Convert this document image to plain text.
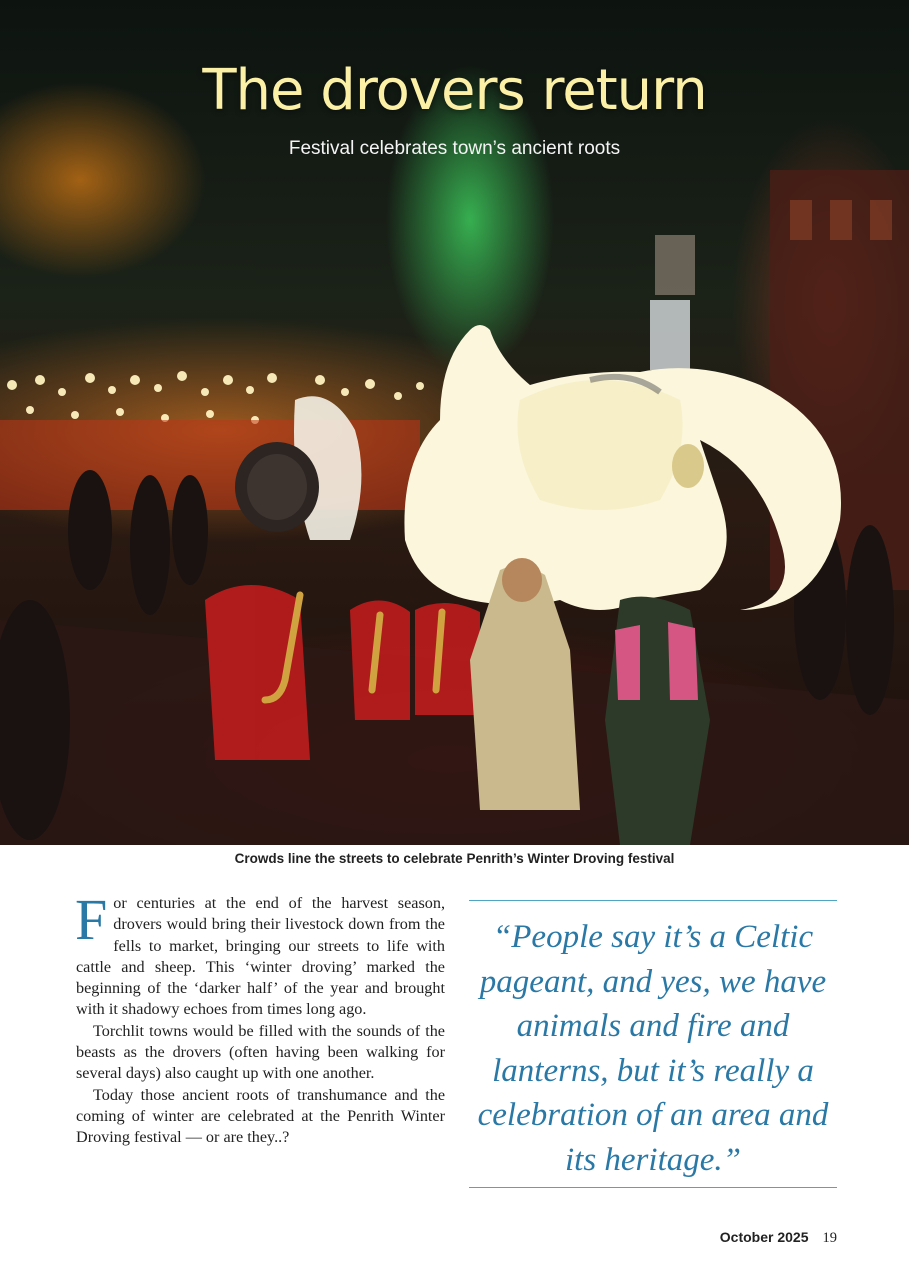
The drovers return

Festival celebrates town’s ancient roots

Crowds line the streets to celebrate Penrith’s Winter Droving festival

For centuries at the end of the harvest season, drovers would bring their livestock down from the fells to market, bringing our streets to life with cattle and sheep. This ‘winter droving’ marked the beginning of the ‘darker half’ of the year and brought with it shadowy echoes from times long ago.

Torchlit towns would be filled with the sounds of the beasts as the drovers (often having been walking for several days) also caught up with one another.

Today those ancient roots of transhumance and the coming of winter are celebrated at the Penrith Winter Droving festival — or are they..?

“People say it’s a Celtic pageant, and yes, we have animals and fire and lanterns, but it’s really a celebration of an area and its heritage.”

October 2025 19
